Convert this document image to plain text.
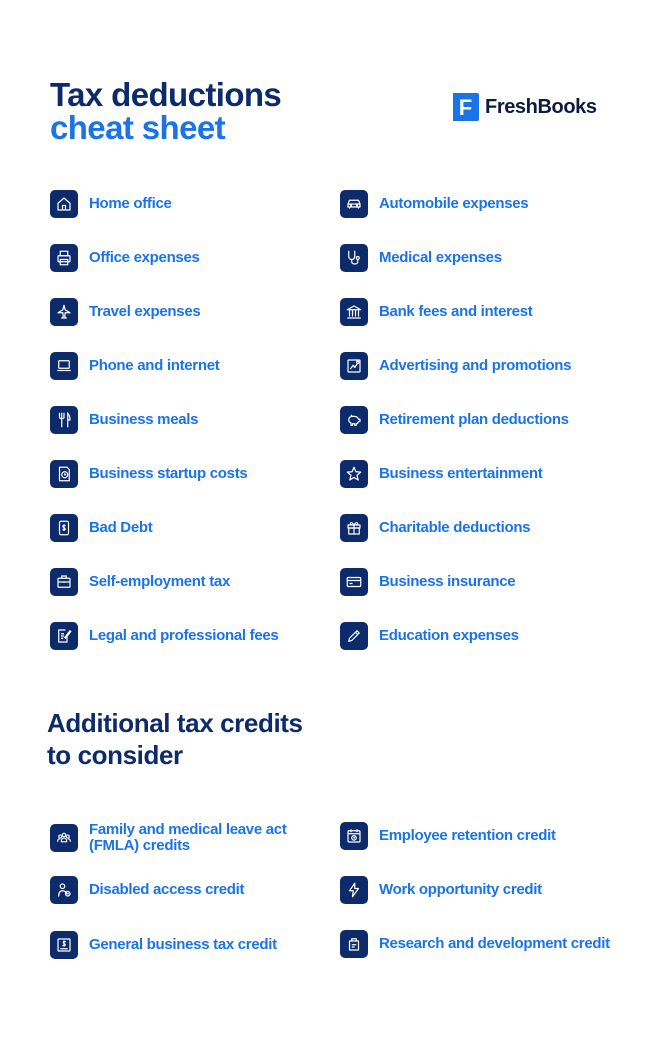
Tax deductions
cheat sheet
F FreshBooks
Home office
Office expenses
Travel expenses
Phone and internet
Business meals
Business startup costs
Bad Debt
Self-employment tax
Legal and professional fees
Automobile expenses
Medical expenses
Bank fees and interest
Advertising and promotions
Retirement plan deductions
Business entertainment
Charitable deductions
Business insurance
Education expenses
Additional tax credits
to consider
Family and medical leave act (FMLA) credits
Disabled access credit
General business tax credit
Employee retention credit
Work opportunity credit
Research and development credit
